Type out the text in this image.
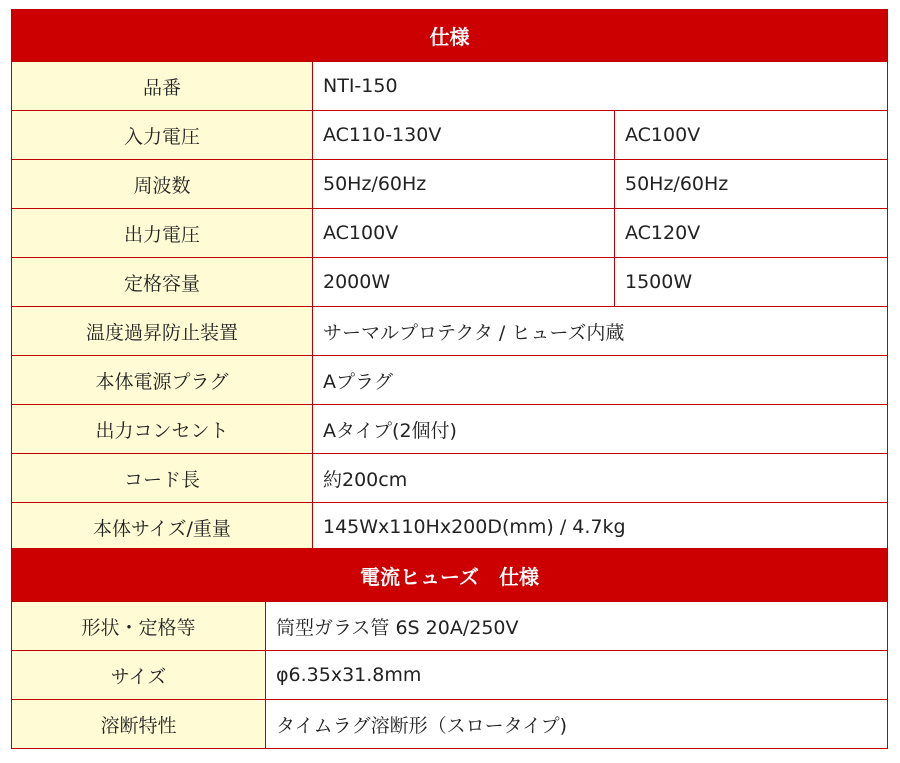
仕様		
品番	NTI-150	
入力電圧	AC110-130V	AC100V
周波数	50Hz/60Hz	50Hz/60Hz
出力電圧	AC100V	AC120V
定格容量	2000W	1500W
温度過昇防止装置	サーマルプロテクタ / ヒューズ内蔵	
本体電源プラグ	Aプラグ	
出力コンセント	Aタイプ(2個付)	
コード長	約200cm	
本体サイズ/重量	145Wx110Hx200D(mm) / 4.7kg	
電流ヒューズ　仕様	
形状・定格等	筒型ガラス管 6S 20A/250V
サイズ	φ6.35x31.8mm
溶断特性	タイムラグ溶断形（スロータイプ)
